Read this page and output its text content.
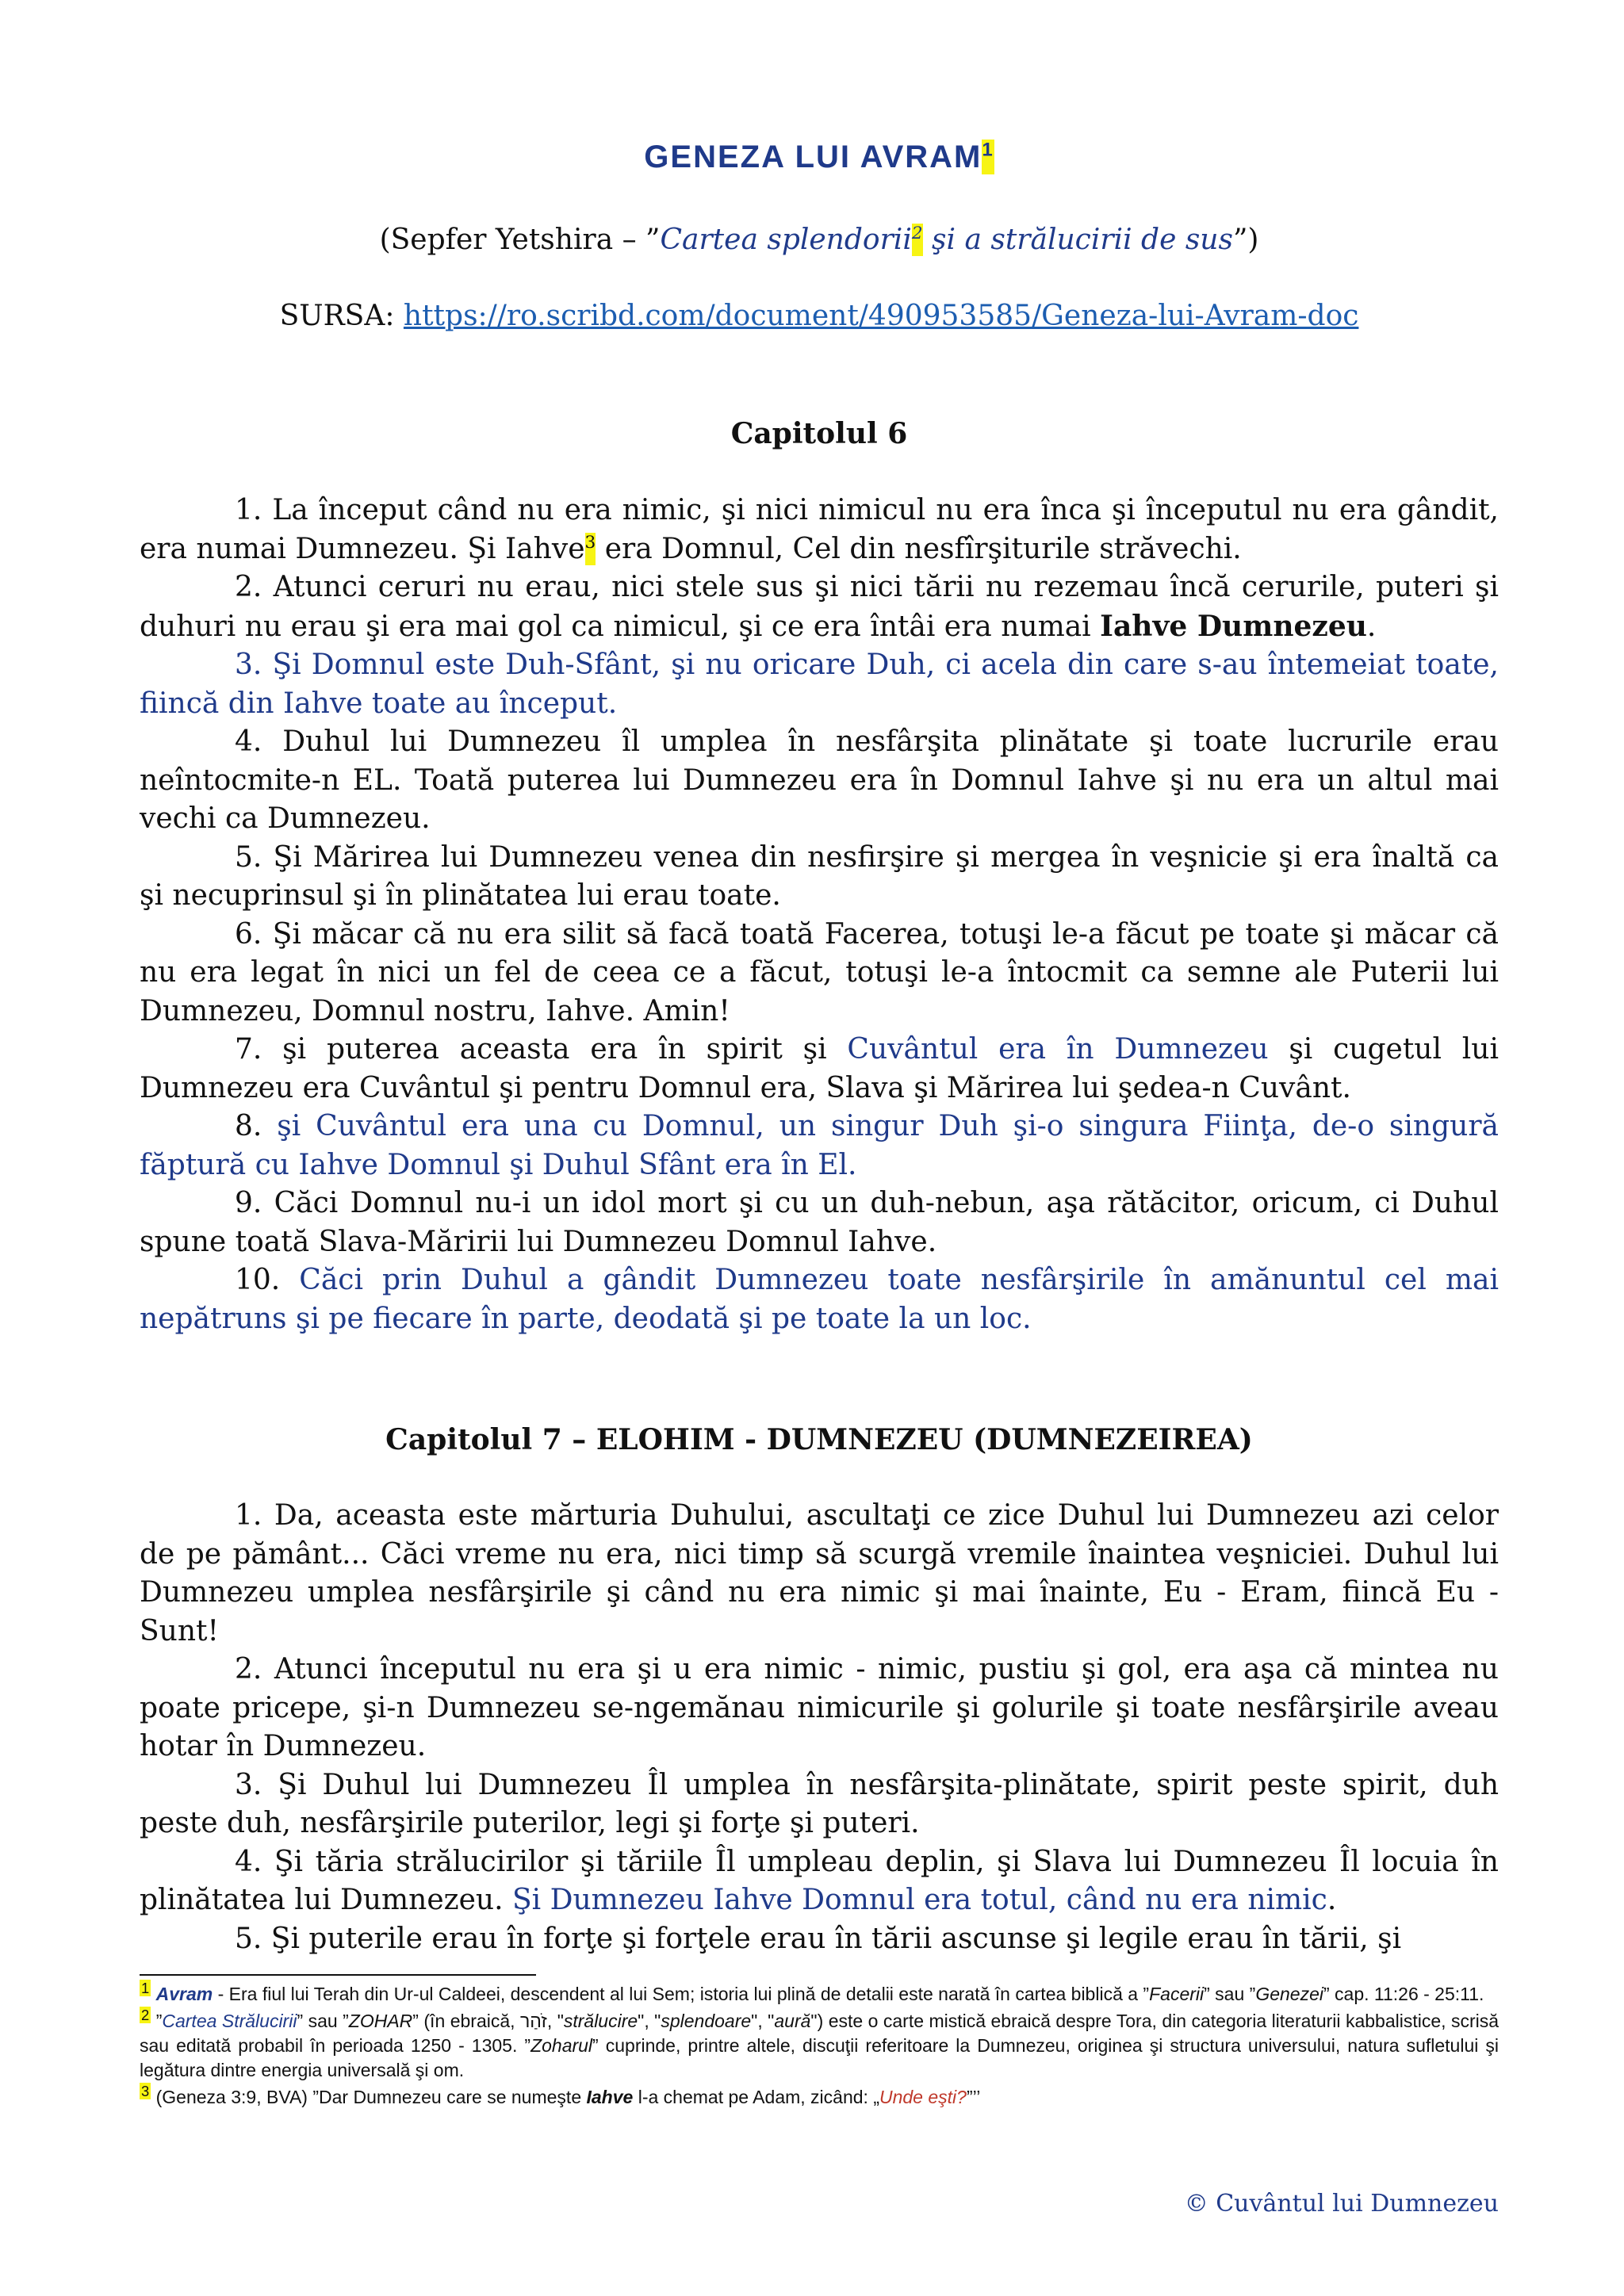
GENEZA LUI AVRAM$^1$
(Sepfer Yetshira – ”Cartea splendorii$^2$ şi a strălucirii de sus”)
SURSA: https://ro.scribd.com/document/490953585/Geneza-lui-Avram-doc
Capitolul 6

1. La început când nu era nimic, şi nici nimicul nu era înca şi începutul nu era gândit, era numai Dumnezeu. Şi Iahve$^3$ era Domnul, Cel din nesfîrşiturile străvechi.

2. Atunci ceruri nu erau, nici stele sus şi nici tării nu rezemau încă cerurile, puteri şi duhuri nu erau şi era mai gol ca nimicul, şi ce era întâi era numai Iahve Dumnezeu.

3. Şi Domnul este Duh-Sfânt, şi nu oricare Duh, ci acela din care s-au întemeiat toate, fiincă din Iahve toate au început.

4. Duhul lui Dumnezeu îl umplea în nesfârşita plinătate şi toate lucrurile erau neîntocmite-n EL. Toată puterea lui Dumnezeu era în Domnul Iahve şi nu era un altul mai vechi ca Dumnezeu.

5. Şi Mărirea lui Dumnezeu venea din nesfirşire şi mergea în veşnicie şi era înaltă ca şi necuprinsul şi în plinătatea lui erau toate.

6. Şi măcar că nu era silit să facă toată Facerea, totuşi le-a făcut pe toate şi măcar că nu era legat în nici un fel de ceea ce a făcut, totuşi le-a întocmit ca semne ale Puterii lui Dumnezeu, Domnul nostru, Iahve. Amin!

7. şi puterea aceasta era în spirit şi Cuvântul era în Dumnezeu şi cugetul lui Dumnezeu era Cuvântul şi pentru Domnul era, Slava şi Mărirea lui şedea-n Cuvânt.

8. şi Cuvântul era una cu Domnul, un singur Duh şi-o singura Fiinţa, de-o singură făptură cu Iahve Domnul şi Duhul Sfânt era în El.

9. Căci Domnul nu-i un idol mort şi cu un duh-nebun, aşa rătăcitor, oricum, ci Duhul spune toată Slava-Măririi lui Dumnezeu Domnul Iahve.

10. Căci prin Duhul a gândit Dumnezeu toate nesfârşirile în amănuntul cel mai nepătruns şi pe fiecare în parte, deodată şi pe toate la un loc.

Capitolul 7 – ELOHIM - DUMNEZEU (DUMNEZEIREA)

1. Da, aceasta este mărturia Duhului, ascultaţi ce zice Duhul lui Dumnezeu azi celor de pe pământ... Căci vreme nu era, nici timp să scurgă vremile înaintea veşniciei. Duhul lui Dumnezeu umplea nesfârşirile şi când nu era nimic şi mai înainte, Eu - Eram, fiincă Eu - Sunt!

2. Atunci începutul nu era şi u era nimic - nimic, pustiu şi gol, era aşa că mintea nu poate pricepe, şi-n Dumnezeu se-ngemănau nimicurile şi golurile şi toate nesfârşirile aveau hotar în Dumnezeu.

3. Şi Duhul lui Dumnezeu Îl umplea în nesfârşita-plinătate, spirit peste spirit, duh peste duh, nesfârşirile puterilor, legi şi forţe şi puteri.

4. Şi tăria strălucirilor şi tăriile Îl umpleau deplin, şi Slava lui Dumnezeu Îl locuia în plinătatea lui Dumnezeu. Şi Dumnezeu Iahve Domnul era totul, când nu era nimic.

5. Şi puterile erau în forţe şi forţele erau în tării ascunse şi legile erau în tării, şi

$^1$ Avram - Era fiul lui Terah din Ur-ul Caldeei, descendent al lui Sem; istoria lui plină de detalii este narată în cartea biblică a ”Facerii” sau ”Genezei” cap. 11:26 - 25:11.

$^2$ ”Cartea Strălucirii” sau ”ZOHAR” (în ebraică, זֹהַר, "strălucire", "splendoare", "aură") este o carte mistică ebraică despre Tora, din categoria literaturii kabbalistice, scrisă sau editată probabil în perioada 1250 - 1305. ”Zoharul” cuprinde, printre altele, discuţii referitoare la Dumnezeu, originea şi structura universului, natura sufletului şi legătura dintre energia universală şi om.

$^3$ (Geneza 3:9, BVA) ”Dar Dumnezeu care se numeşte Iahve l-a chemat pe Adam, zicând: „Unde eşti?”’’

© Cuvântul lui Dumnezeu
